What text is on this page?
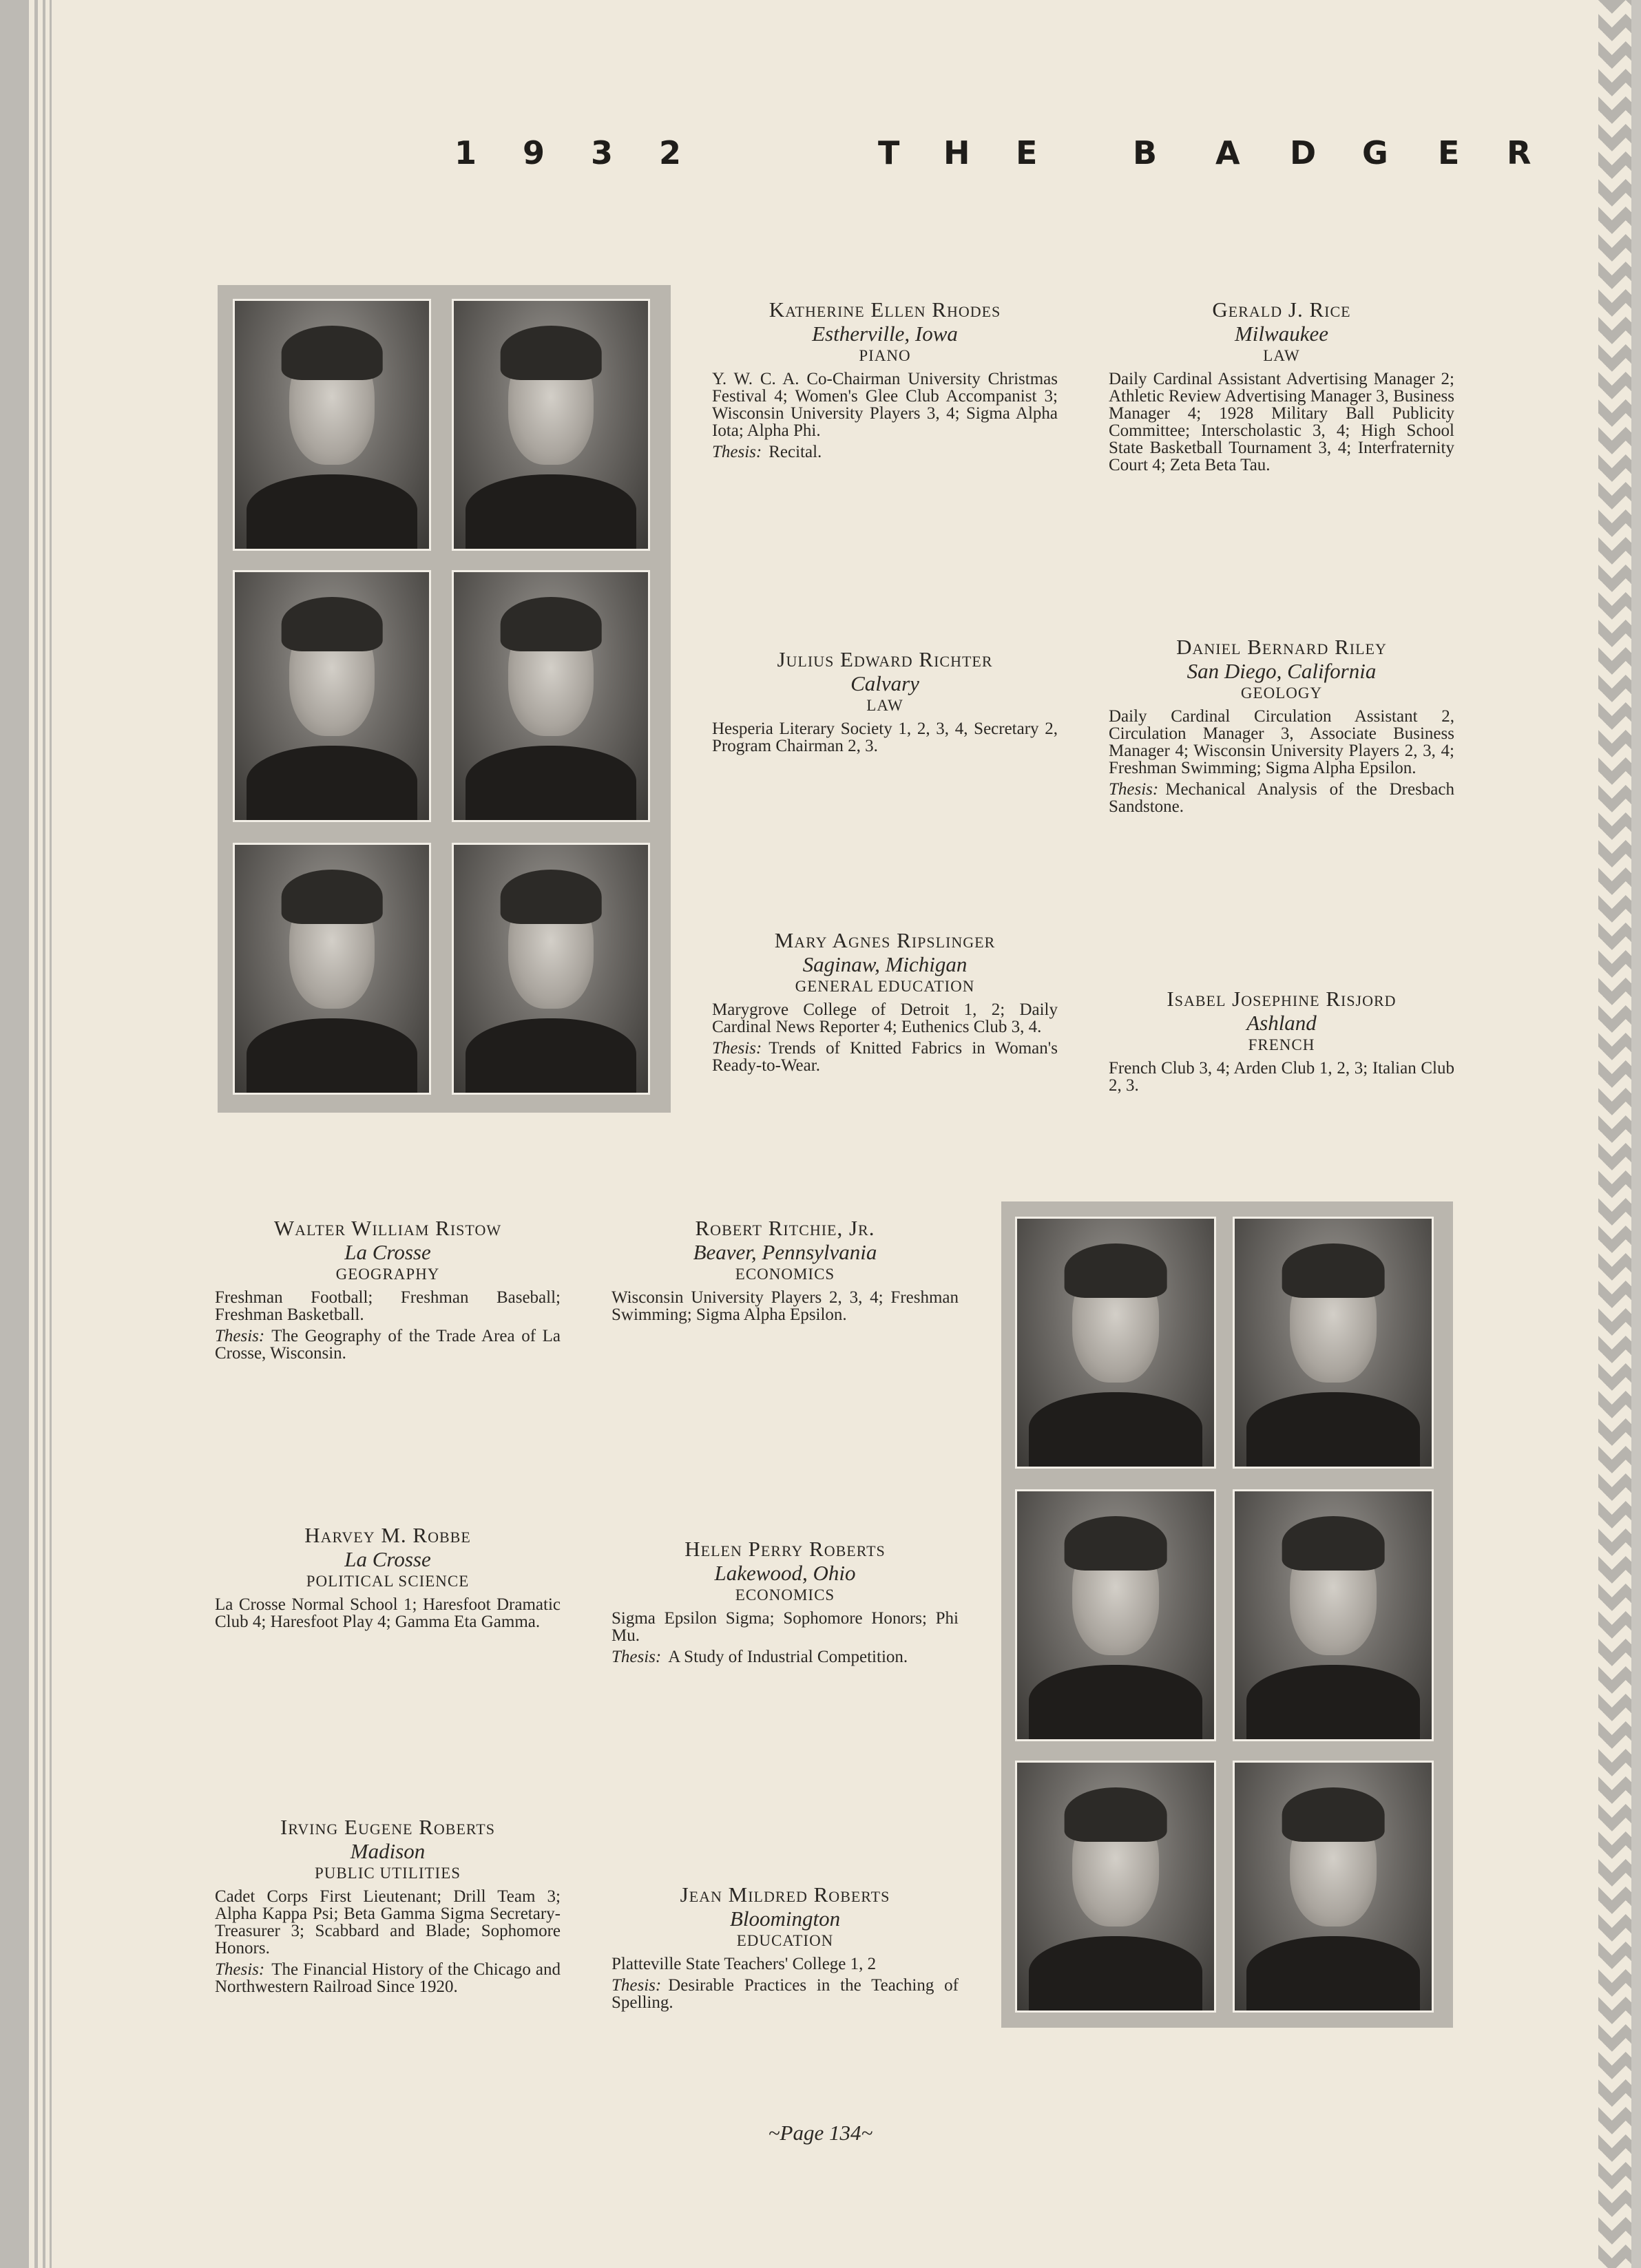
1 9 3 2	T H E	B A D G E R
Katherine Ellen Rhodes
Estherville, Iowa
PIANO
Y. W. C. A. Co-Chairman University Christmas Festival 4; Women's Glee Club Accompanist 3; Wisconsin University Players 3, 4; Sigma Alpha Iota; Alpha Phi.
Thesis: Recital.
Gerald J. Rice
Milwaukee
LAW
Daily Cardinal Assistant Advertising Manager 2; Athletic Review Advertising Manager 3, Business Manager 4; 1928 Military Ball Publicity Committee; Interscholastic 3, 4; High School State Basketball Tournament 3, 4; Interfraternity Court 4; Zeta Beta Tau.
Julius Edward Richter
Calvary
LAW
Hesperia Literary Society 1, 2, 3, 4, Secretary 2, Program Chairman 2, 3.
Daniel Bernard Riley
San Diego, California
GEOLOGY
Daily Cardinal Circulation Assistant 2, Circulation Manager 3, Associate Business Manager 4; Wisconsin University Players 2, 3, 4; Freshman Swimming; Sigma Alpha Epsilon.
Thesis: Mechanical Analysis of the Dresbach Sandstone.
Mary Agnes Ripslinger
Saginaw, Michigan
GENERAL EDUCATION
Marygrove College of Detroit 1, 2; Daily Cardinal News Reporter 4; Euthenics Club 3, 4.
Thesis: Trends of Knitted Fabrics in Woman's Ready-to-Wear.
Isabel Josephine Risjord
Ashland
FRENCH
French Club 3, 4; Arden Club 1, 2, 3; Italian Club 2, 3.
Walter William Ristow
La Crosse
GEOGRAPHY
Freshman Football; Freshman Baseball; Freshman Basketball.
Thesis: The Geography of the Trade Area of La Crosse, Wisconsin.
Robert Ritchie, Jr.
Beaver, Pennsylvania
ECONOMICS
Wisconsin University Players 2, 3, 4; Freshman Swimming; Sigma Alpha Epsilon.
Harvey M. Robbe
La Crosse
POLITICAL SCIENCE
La Crosse Normal School 1; Haresfoot Dramatic Club 4; Haresfoot Play 4; Gamma Eta Gamma.
Helen Perry Roberts
Lakewood, Ohio
ECONOMICS
Sigma Epsilon Sigma; Sophomore Honors; Phi Mu.
Thesis: A Study of Industrial Competition.
Irving Eugene Roberts
Madison
PUBLIC UTILITIES
Cadet Corps First Lieutenant; Drill Team 3; Alpha Kappa Psi; Beta Gamma Sigma Secretary-Treasurer 3; Scabbard and Blade; Sophomore Honors.
Thesis: The Financial History of the Chicago and Northwestern Railroad Since 1920.
Jean Mildred Roberts
Bloomington
EDUCATION
Platteville State Teachers' College 1, 2
Thesis: Desirable Practices in the Teaching of Spelling.
~Page 134~
